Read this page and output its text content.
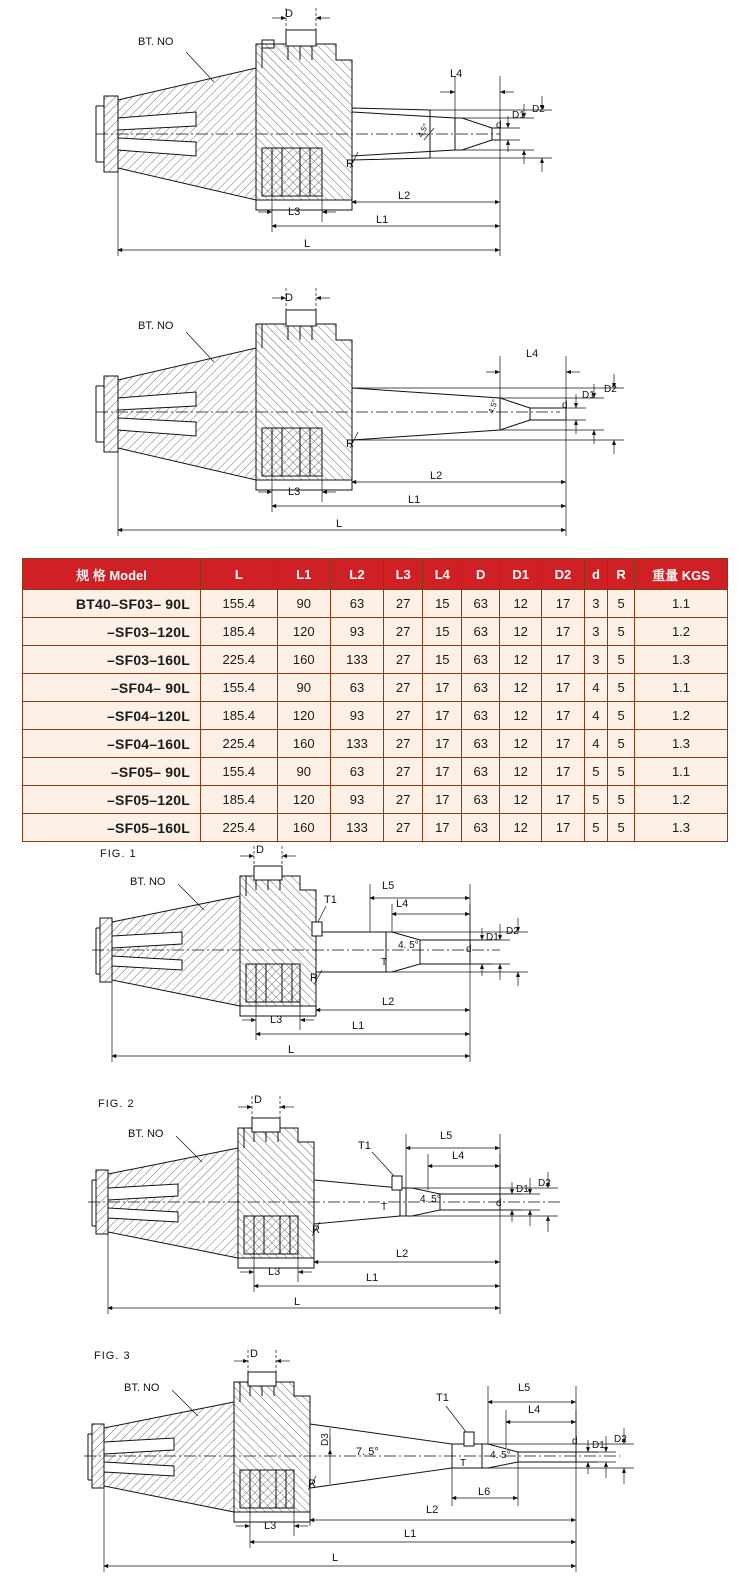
BT. NO
D
L4
d
D1
D2
4.5°
R
L3
L2
L1
L
BT. NO
D
L4
d
D1
D2
4.5°
R
L3
L2
L1
L
规 格 Model	L	L1	L2	L3	L4	D	D1	D2	d	R	重量 KGS
BT40–SF03– 90L	155.4	90	63	27	15	63	12	17	3	5	1.1
–SF03–120L	185.4	120	93	27	15	63	12	17	3	5	1.2
–SF03–160L	225.4	160	133	27	15	63	12	17	3	5	1.3
–SF04– 90L	155.4	90	63	27	17	63	12	17	4	5	1.1
–SF04–120L	185.4	120	93	27	17	63	12	17	4	5	1.2
–SF04–160L	225.4	160	133	27	17	63	12	17	4	5	1.3
–SF05– 90L	155.4	90	63	27	17	63	12	17	5	5	1.1
–SF05–120L	185.4	120	93	27	17	63	12	17	5	5	1.2
–SF05–160L	225.4	160	133	27	17	63	12	17	5	5	1.3
FIG. 1
BT. NO
D
T1
T
L5
L4
d
D1
D2
4. 5°
R
L3
L2
L1
L
FIG. 2
BT. NO
D
T1
T
L5
L4
d
D1
D2
4. 5°
R
L3
L2
L1
L
FIG. 3
BT. NO
D
T1
T
L5
L4
L6
d D1
D2
D3
7. 5°	4. 5°
R
L3
L2
L1
L
